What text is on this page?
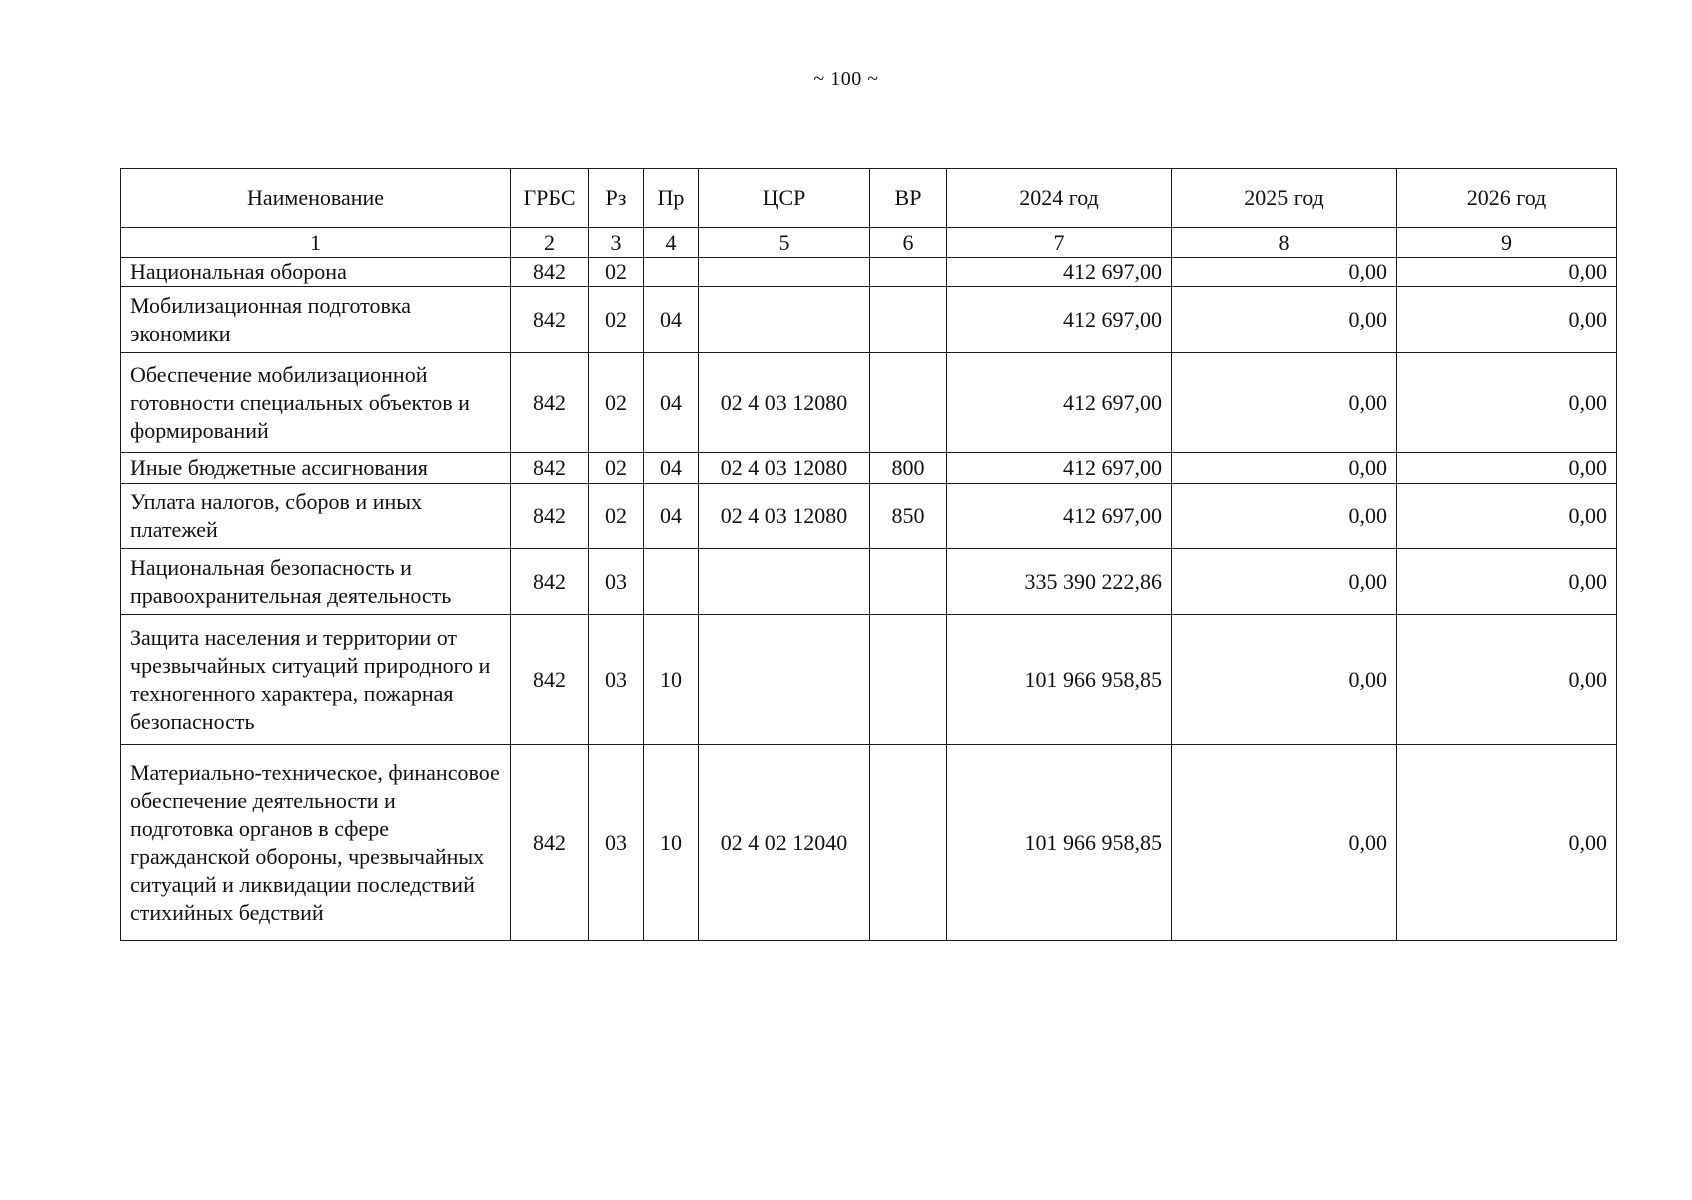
~ 100 ~
Наименование	ГРБС	Рз	Пр	ЦСР	ВР	2024 год	2025 год	2026 год
1	2	3	4	5	6	7	8	9
Национальная оборона	842	02				412 697,00	0,00	0,00
Мобилизационная подготовка экономики	842	02	04			412 697,00	0,00	0,00
Обеспечение мобилизационной готовности специальных объектов и формирований	842	02	04	02 4 03 12080		412 697,00	0,00	0,00
Иные бюджетные ассигнования	842	02	04	02 4 03 12080	800	412 697,00	0,00	0,00
Уплата налогов, сборов и иных платежей	842	02	04	02 4 03 12080	850	412 697,00	0,00	0,00
Национальная безопасность и правоохранительная деятельность	842	03				335 390 222,86	0,00	0,00
Защита населения и территории от чрезвычайных ситуаций природного и техногенного характера, пожарная безопасность	842	03	10			101 966 958,85	0,00	0,00
Материально-техническое, финансовое обеспечение деятельности и подготовка органов в сфере гражданской обороны, чрезвычайных ситуаций и ликвидации последствий стихийных бедствий	842	03	10	02 4 02 12040		101 966 958,85	0,00	0,00
